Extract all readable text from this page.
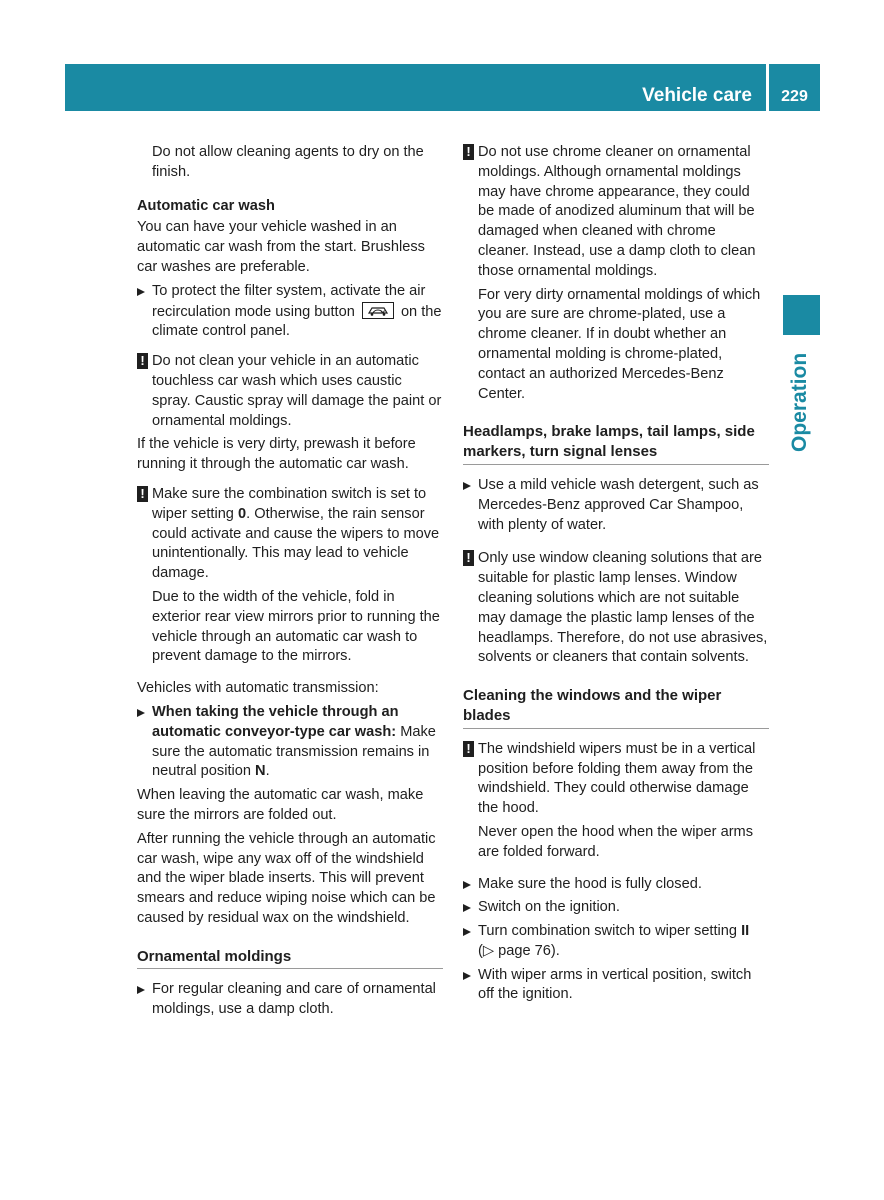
Vehicle care	229
Operation

Do not allow cleaning agents to dry on the finish.

Automatic car wash

You can have your vehicle washed in an automatic car wash from the start. Brushless car washes are preferable.

To protect the filter system, activate the air recirculation mode using button	on the climate control panel.
! Do not clean your vehicle in an automatic touchless car wash which uses caustic spray. Caustic spray will damage the paint or ornamental moldings.

If the vehicle is very dirty, prewash it before running it through the automatic car wash.

! Make sure the combination switch is set to wiper setting 0. Otherwise, the rain sensor could activate and cause the wipers to move unintentionally. This may lead to vehicle damage.

Due to the width of the vehicle, fold in exterior rear view mirrors prior to running the vehicle through an automatic car wash to prevent damage to the mirrors.

Vehicles with automatic transmission:

When taking the vehicle through an automatic conveyor-type car wash: Make sure the automatic transmission remains in neutral position N.

When leaving the automatic car wash, make sure the mirrors are folded out.

After running the vehicle through an automatic car wash, wipe any wax off of the windshield and the wiper blade inserts. This will prevent smears and reduce wiping noise which can be caused by residual wax on the windshield.

Ornamental moldings

For regular cleaning and care of ornamental moldings, use a damp cloth.
! Do not use chrome cleaner on ornamental moldings. Although ornamental moldings may have chrome appearance, they could be made of anodized aluminum that will be damaged when cleaned with chrome cleaner. Instead, use a damp cloth to clean those ornamental moldings.

For very dirty ornamental moldings of which you are sure are chrome-plated, use a chrome cleaner. If in doubt whether an ornamental molding is chrome-plated, contact an authorized Mercedes-Benz Center.

Headlamps, brake lamps, tail lamps, side markers, turn signal lenses

Use a mild vehicle wash detergent, such as Mercedes-Benz approved Car Shampoo, with plenty of water.
! Only use window cleaning solutions that are suitable for plastic lamp lenses. Window cleaning solutions which are not suitable may damage the plastic lamp lenses of the headlamps. Therefore, do not use abrasives, solvents or cleaners that contain solvents.

Cleaning the windows and the wiper blades

! The windshield wipers must be in a vertical position before folding them away from the windshield. They could otherwise damage the hood.

Never open the hood when the wiper arms are folded forward.

Make sure the hood is fully closed.
Switch on the ignition.
Turn combination switch to wiper setting II (▷ page 76).
With wiper arms in vertical position, switch off the ignition.
